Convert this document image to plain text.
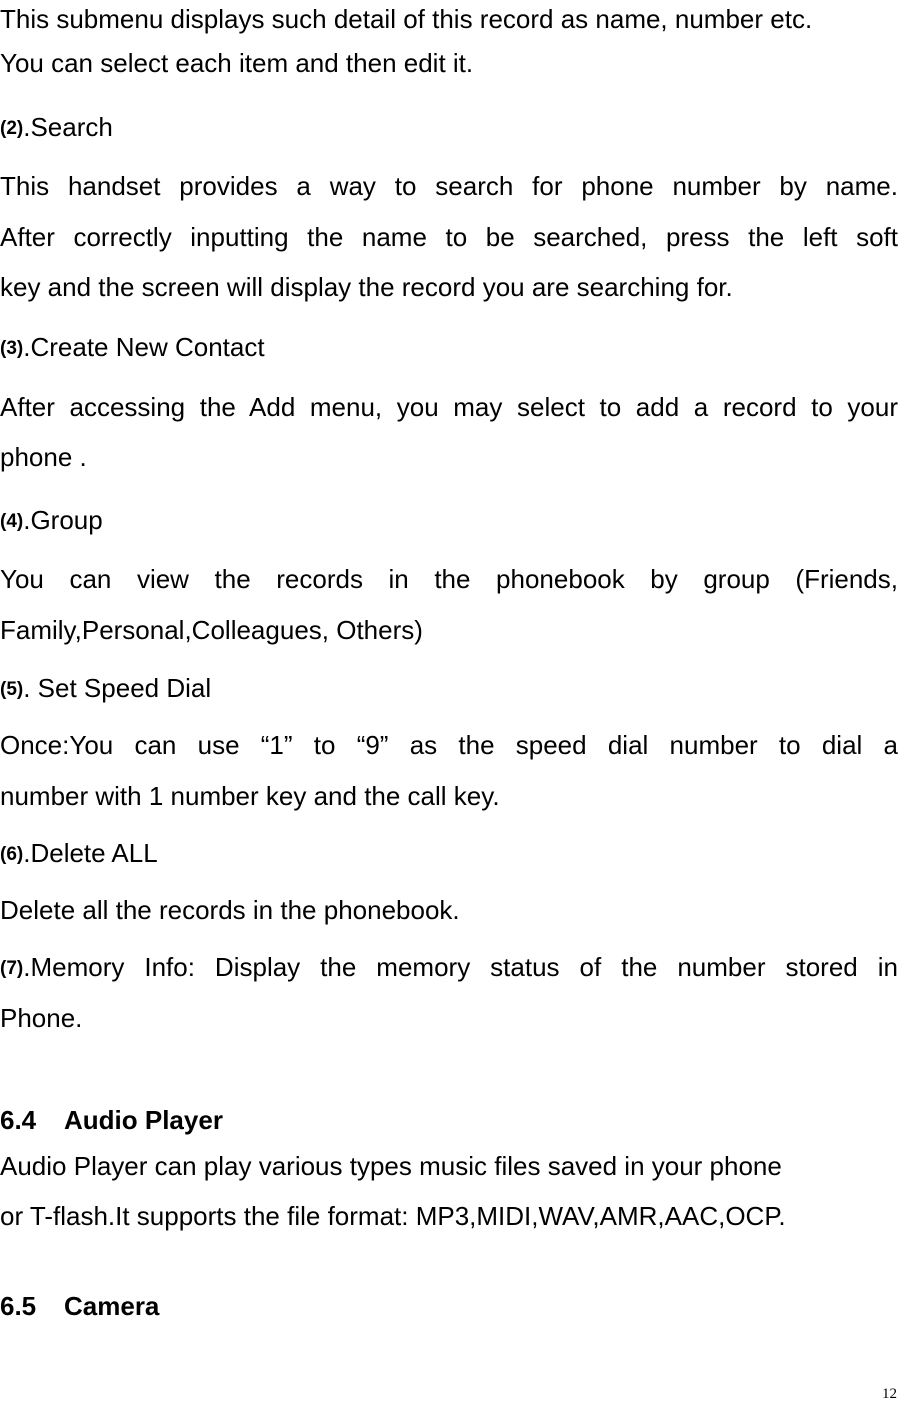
This submenu displays such detail of this record as name, number etc.
You can select each item and then edit it.
(2).Search
This handset provides a way to search for phone number by name.
After correctly inputting the name to be searched, press the left soft
key and the screen will display the record you are searching for.
(3).Create New Contact
After accessing the Add menu, you may select to add a record to your
phone .
(4).Group
You can view the records in the phonebook by group (Friends,
Family,Personal,Colleagues, Others)
(5). Set Speed Dial
Once:You can use “1” to “9” as the speed dial number to dial a
number with 1 number key and the call key.
(6).Delete ALL
Delete all the records in the phonebook.
(7).Memory Info: Display the memory status of the number stored in
Phone.
6.4 Audio Player
Audio Player can play various types music files saved in your phone
or T-flash.It supports the file format: MP3,MIDI,WAV,AMR,AAC,OCP.
6.5 Camera
12
